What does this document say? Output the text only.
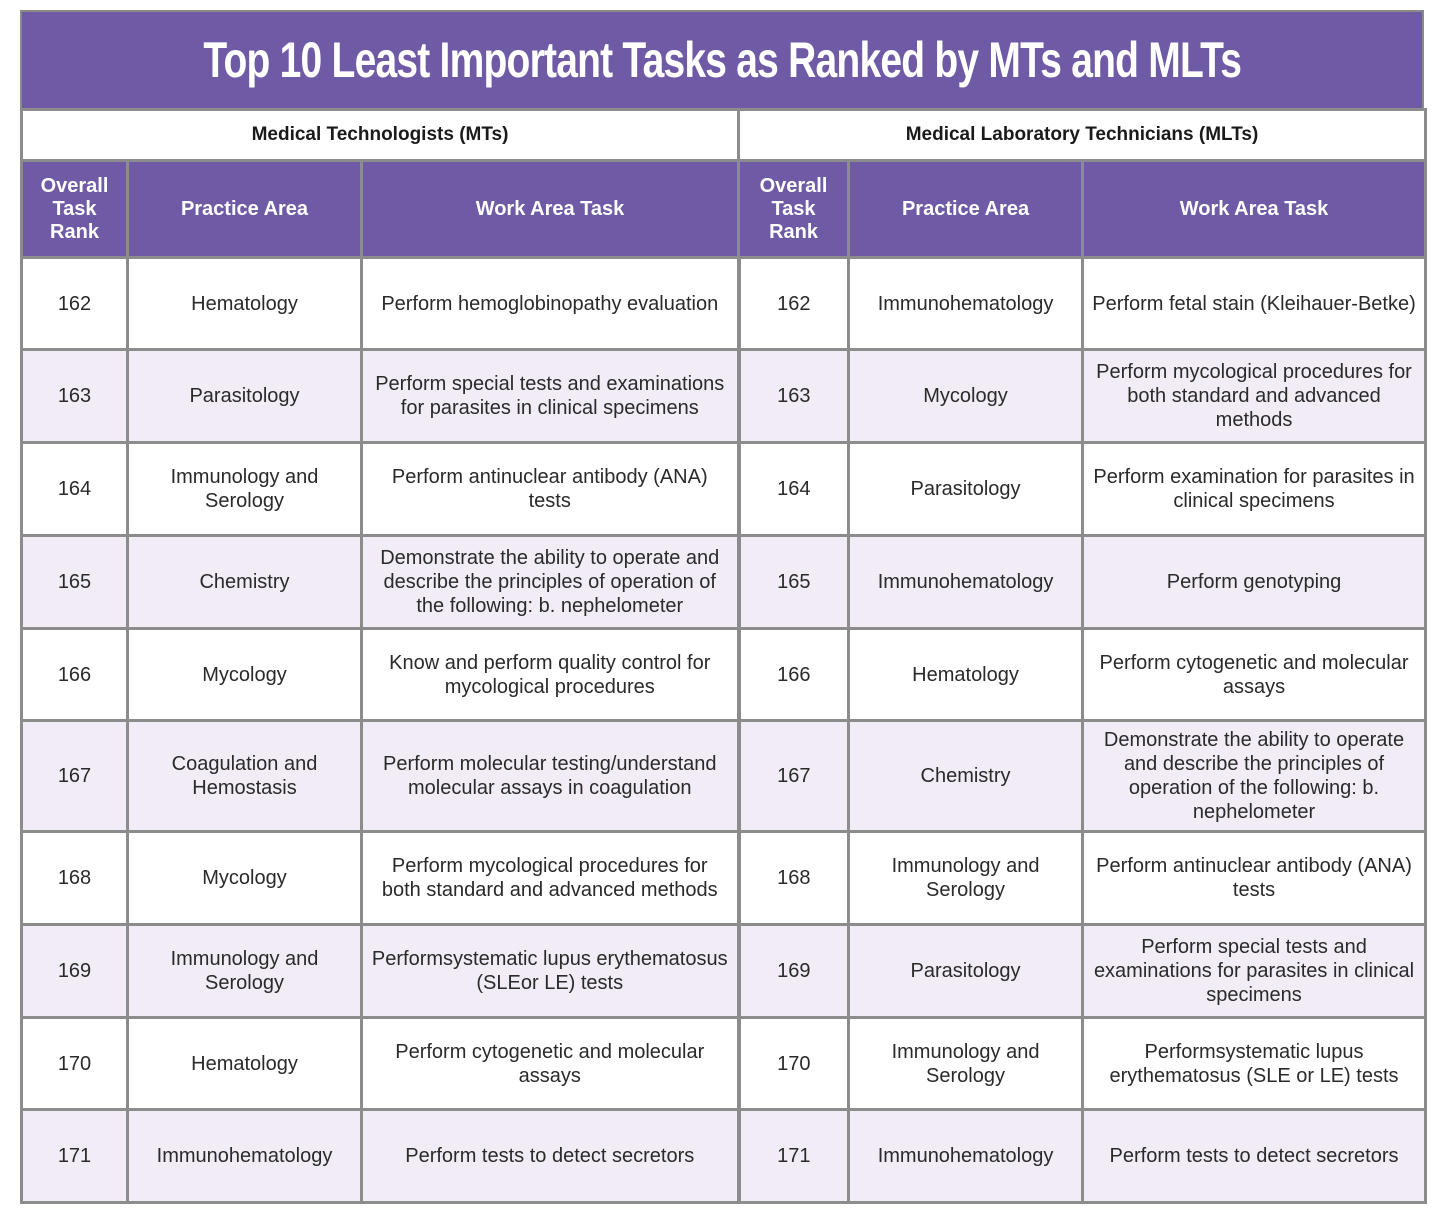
Top 10 Least Important Tasks as Ranked by MTs and MLTs
Medical Technologists (MTs)			Medical Laboratory Technicians (MLTs)		
Overall Task Rank	Practice Area	Work Area Task	Overall Task Rank	Practice Area	Work Area Task
162	Hematology	Perform hemoglobinopathy evaluation	162	Immunohematology	Perform fetal stain (Kleihauer-Betke)
163	Parasitology	Perform special tests and examinations for parasites in clinical specimens	163	Mycology	Perform mycological procedures for both standard and advanced methods
164	Immunology and Serology	Perform antinuclear antibody (ANA) tests	164	Parasitology	Perform examination for parasites in clinical specimens
165	Chemistry	Demonstrate the ability to operate and describe the principles of operation of the following: b. nephelometer	165	Immunohematology	Perform genotyping
166	Mycology	Know and perform quality control for mycological procedures	166	Hematology	Perform cytogenetic and molecular assays
167	Coagulation and Hemostasis	Perform molecular testing/understand molecular assays in coagulation	167	Chemistry	Demonstrate the ability to operate and describe the principles of operation of the following: b. nephelometer
168	Mycology	Perform mycological procedures for both standard and advanced methods	168	Immunology and Serology	Perform antinuclear antibody (ANA) tests
169	Immunology and Serology	Performsystematic lupus erythematosus (SLEor LE) tests	169	Parasitology	Perform special tests and examinations for parasites in clinical specimens
170	Hematology	Perform cytogenetic and molecular assays	170	Immunology and Serology	Performsystematic lupus erythematosus (SLE or LE) tests
171	Immunohematology	Perform tests to detect secretors	171	Immunohematology	Perform tests to detect secretors
